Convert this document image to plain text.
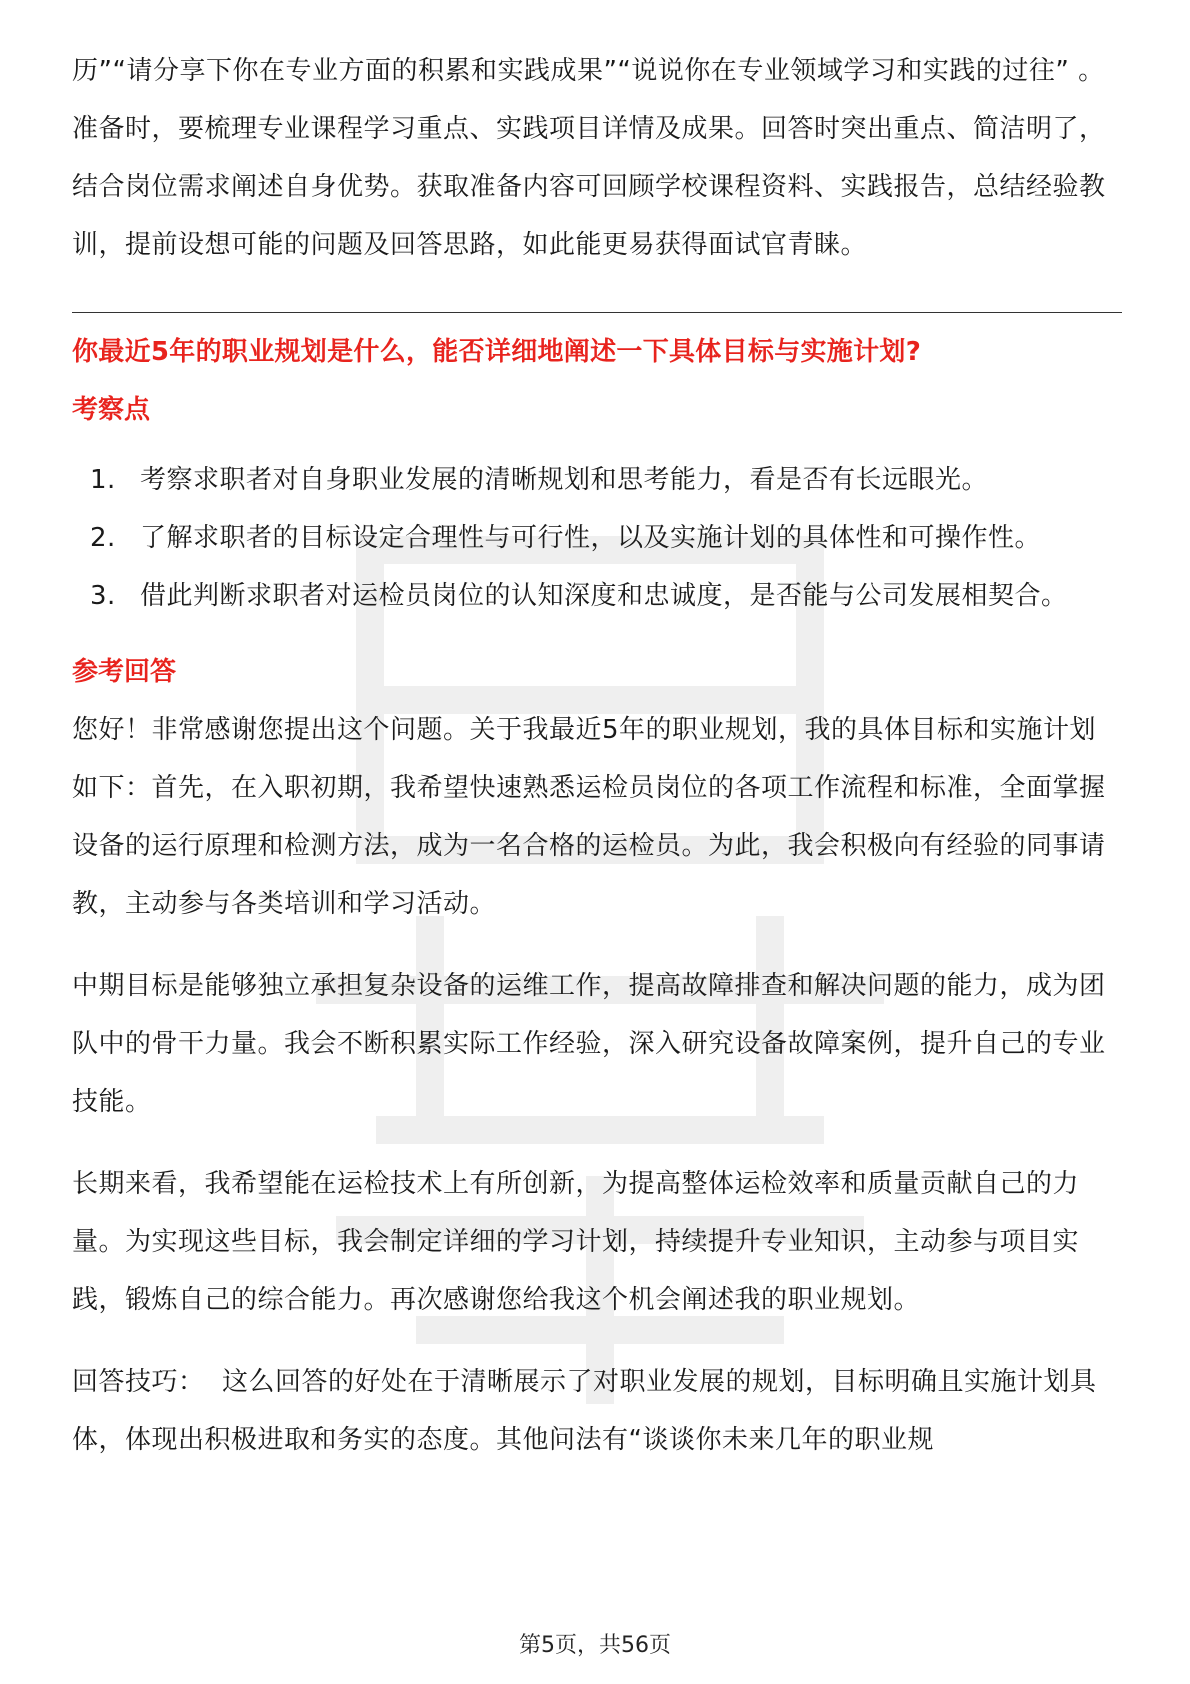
历”“请分享下你在专业方面的积累和实践成果”“说说你在专业领域学习和实践的过往” 。准备时，要梳理专业课程学习重点、实践项目详情及成果。回答时突出重点、简洁明了，结合岗位需求阐述自身优势。获取准备内容可回顾学校课程资料、实践报告，总结经验教训，提前设想可能的问题及回答思路，如此能更易获得面试官青睐。

你最近5年的职业规划是什么，能否详细地阐述一下具体目标与实施计划?

考察点

1. 考察求职者对自身职业发展的清晰规划和思考能力，看是否有长远眼光。
2. 了解求职者的目标设定合理性与可行性，以及实施计划的具体性和可操作性。
3. 借此判断求职者对运检员岗位的认知深度和忠诚度，是否能与公司发展相契合。

参考回答

您好！非常感谢您提出这个问题。关于我最近5年的职业规划，我的具体目标和实施计划如下：首先，在入职初期，我希望快速熟悉运检员岗位的各项工作流程和标准，全面掌握设备的运行原理和检测方法，成为一名合格的运检员。为此，我会积极向有经验的同事请教，主动参与各类培训和学习活动。

中期目标是能够独立承担复杂设备的运维工作，提高故障排查和解决问题的能力，成为团队中的骨干力量。我会不断积累实际工作经验，深入研究设备故障案例，提升自己的专业技能。

长期来看，我希望能在运检技术上有所创新，为提高整体运检效率和质量贡献自己的力量。为实现这些目标，我会制定详细的学习计划，持续提升专业知识，主动参与项目实践，锻炼自己的综合能力。再次感谢您给我这个机会阐述我的职业规划。

回答技巧：  这么回答的好处在于清晰展示了对职业发展的规划，目标明确且实施计划具体，体现出积极进取和务实的态度。其他问法有“谈谈你未来几年的职业规

第5页，共56页
